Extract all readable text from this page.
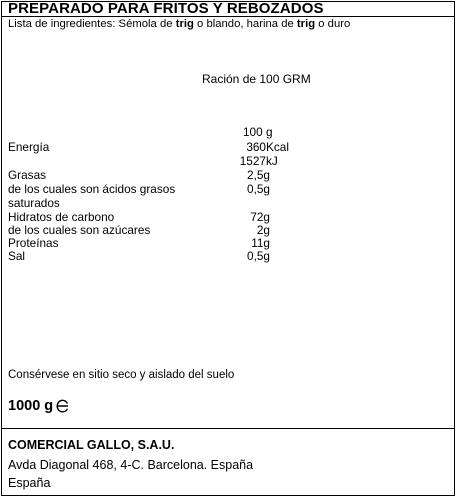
PREPARADO PARA FRITOS Y REBOZADOS
Lista de ingredientes: Sémola de trig o blando, harina de trig o duro
Ración de 100 GRM
100 g
Energía	360 Kcal
1527 kJ
Grasas	2,5g
de los cuales son ácidos grasos	0,5g
saturados
Hidratos de carbono	72g
de los cuales son azúcares	2g
Proteínas	11g
Sal	0,5g
Consérvese en sitio seco y aislado del suelo
1000 g
COMERCIAL GALLO, S.A.U.
Avda Diagonal 468, 4-C. Barcelona. España
España
